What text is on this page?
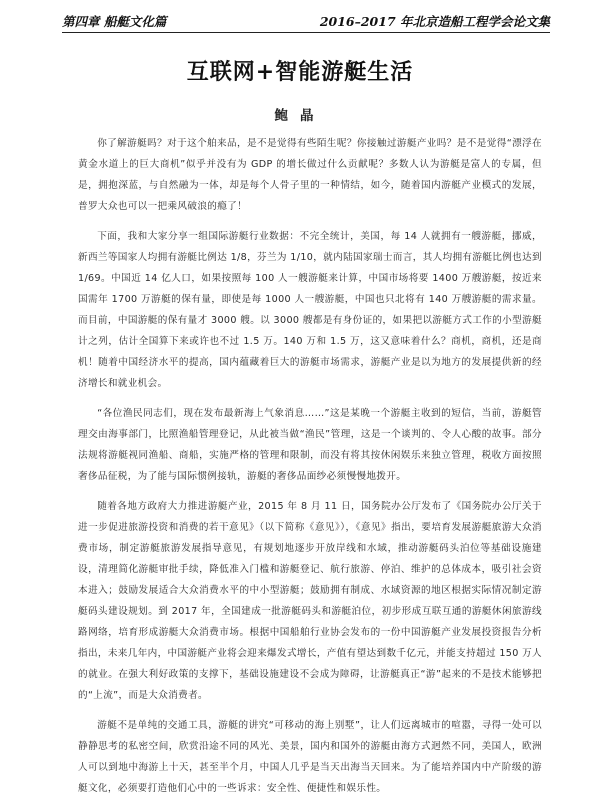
第四章 船艇文化篇	2016–2017 年北京造船工程学会论文集
互联网+智能游艇生活
鲍晶

你了解游艇吗？对于这个舶来品，是不是觉得有些陌生呢？你接触过游艇产业吗？是不是觉得“漂浮在黄金水道上的巨大商机”似乎并没有为 GDP 的增长做过什么贡献呢？多数人认为游艇是富人的专属，但是，拥抱深蓝，与自然融为一体，却是每个人骨子里的一种情结，如今，随着国内游艇产业模式的发展，普罗大众也可以一把乘风破浪的瘾了！

下面，我和大家分享一组国际游艇行业数据：不完全统计，美国，每 14 人就拥有一艘游艇，挪威，新西兰等国家人均拥有游艇比例达 1/8，芬兰为 1/10，就内陆国家瑞士而言，其人均拥有游艇比例也达到 1/69。中国近 14 亿人口，如果按照每 100 人一艘游艇来计算，中国市场将要 1400 万艘游艇，按近来国需年 1700 万游艇的保有量，即使是每 1000 人一艘游艇，中国也只北将有 140 万艘游艇的需求量。而目前，中国游艇的保有量才 3000 艘。以 3000 艘都是有身份证的，如果把以游艇方式工作的小型游艇计之列，估计全国算下来或许也不过 1.5 万。140 万和 1.5 万，这又意味着什么？商机，商机，还是商机！随着中国经济水平的提高，国内蕴藏着巨大的游艇市场需求，游艇产业是以为地方的发展提供新的经济增长和就业机会。

“各位渔民同志们，现在发布最新海上气象消息……”这是某晚一个游艇主收到的短信，当前，游艇管理交由海事部门，比照渔船管理登记，从此被当做“渔民”管理，这是一个谈判的、令人心酸的故事。部分法规将游艇视同渔船、商船，实施严格的管理和限制，而没有将其按休闲娱乐来独立管理，税收方面按照奢侈品征税，为了能与国际惯例接轨，游艇的奢侈品面纱必须慢慢地拨开。

随着各地方政府大力推进游艇产业，2015 年 8 月 11 日，国务院办公厅发布了《国务院办公厅关于进一步促进旅游投资和消费的若干意见》（以下简称《意见》），《意见》指出，要培育发展游艇旅游大众消费市场，制定游艇旅游发展指导意见，有规划地逐步开放岸线和水域，推动游艇码头泊位等基础设施建设，清理简化游艇审批手续，降低准入门槛和游艇登记、航行旅游、停泊、维护的总体成本，吸引社会资本进入；鼓励发展适合大众消费水平的中小型游艇；鼓励拥有制成、水域资源的地区根据实际情况制定游艇码头建设规划。到 2017 年，全国建成一批游艇码头和游艇泊位，初步形成互联互通的游艇休闲旅游线路网络，培育形成游艇大众消费市场。根据中国船舶行业协会发布的一份中国游艇产业发展投资报告分析指出，未来几年内，中国游艇产业将会迎来爆发式增长，产值有望达到数千亿元，并能支持超过 150 万人的就业。在强大利好政策的支撑下，基础设施建设不会成为障碍，让游艇真正“游”起来的不是技术能够把的“上流”，而是大众消费者。

游艇不是单纯的交通工具，游艇的讲究“可移动的海上别墅”，让人们远离城市的喧嚣，寻得一处可以静静思考的私密空间，欣赏沿途不同的风光、美景，国内和国外的游艇由海方式迥然不同，美国人，欧洲人可以到地中海游上十天，甚至半个月，中国人几乎是当天出海当天回来。为了能培养国内中产阶级的游艇文化，必须要打造他们心中的一些诉求：安全性、便捷性和娱乐性。
